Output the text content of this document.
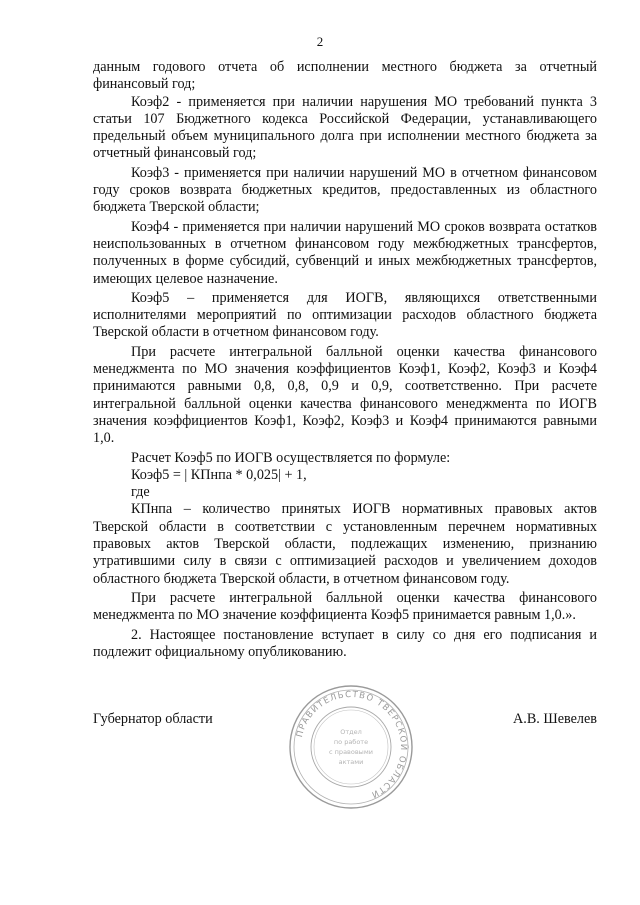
2

данным годового отчета об исполнении местного бюджета за отчетный финансовый год;

Коэф2 - применяется при наличии нарушения МО требований пункта 3 статьи 107 Бюджетного кодекса Российской Федерации, устанавливающего предельный объем муниципального долга при исполнении местного бюджета за отчетный финансовый год;

Коэф3 - применяется при наличии нарушений МО в отчетном финансовом году сроков возврата бюджетных кредитов, предоставленных из областного бюджета Тверской области;

Коэф4 - применяется при наличии нарушений МО сроков возврата остатков неиспользованных в отчетном финансовом году межбюджетных трансфертов, полученных в форме субсидий, субвенций и иных межбюджетных трансфертов, имеющих целевое назначение.

Коэф5 – применяется для ИОГВ, являющихся ответственными исполнителями мероприятий по оптимизации расходов областного бюджета Тверской области в отчетном финансовом году.

При расчете интегральной балльной оценки качества финансового менеджмента по МО значения коэффициентов Коэф1, Коэф2, Коэф3 и Коэф4 принимаются равными 0,8, 0,8, 0,9 и 0,9, соответственно. При расчете интегральной балльной оценки качества финансового менеджмента по ИОГВ значения коэффициентов Коэф1, Коэф2, Коэф3 и Коэф4 принимаются равными 1,0.

Расчет Коэф5 по ИОГВ осуществляется по формуле:

Коэф5 = | КПнпа * 0,025| + 1,

где

КПнпа – количество принятых ИОГВ нормативных правовых актов Тверской области в соответствии с установленным перечнем нормативных правовых актов Тверской области, подлежащих изменению, признанию утратившими силу в связи с оптимизацией расходов и увеличением доходов областного бюджета Тверской области, в отчетном финансовом году.

При расчете интегральной балльной оценки качества финансового менеджмента по МО значение коэффициента Коэф5 принимается равным 1,0.».

2. Настоящее постановление вступает в силу со дня его подписания и подлежит официальному опубликованию.

Губернатор области	А.В. Шевелев
ПРАВИТЕЛЬСТВО ТВЕРСКОЙ ОБЛАСТИ
Отдел
по работе
с правовыми
актами
